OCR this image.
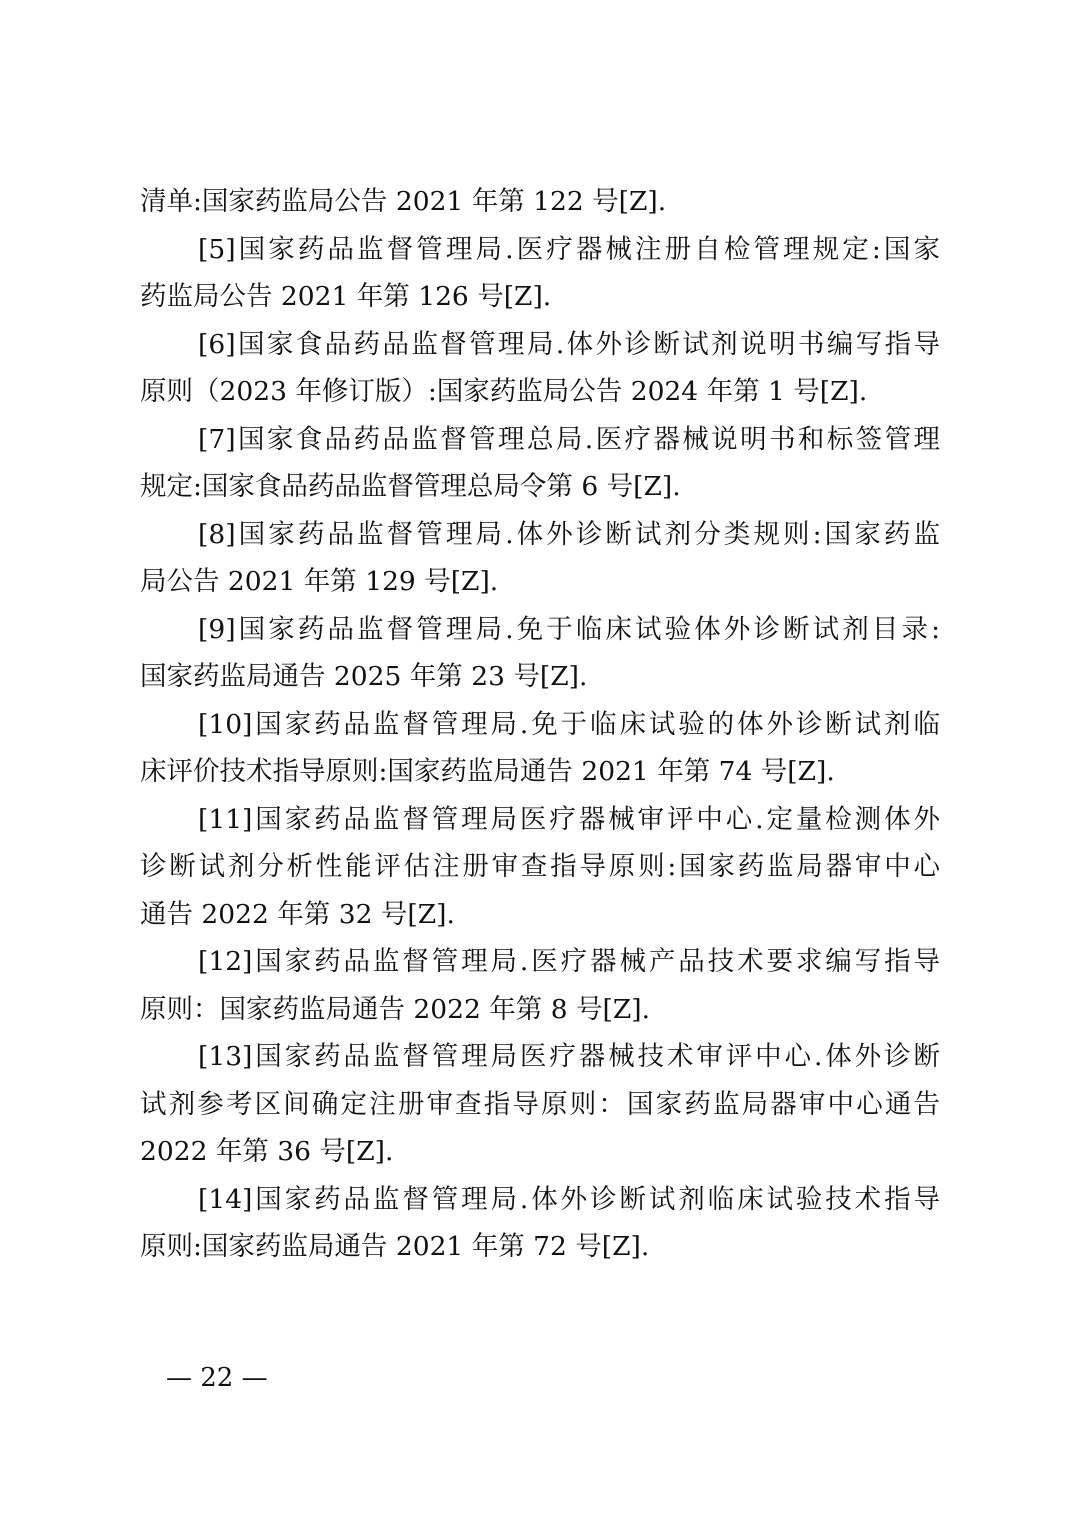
清单:国家药监局公告 2021 年第 122 号[Z].
[5]国家药品监督管理局.医疗器械注册自检管理规定:国家
药监局公告 2021 年第 126 号[Z].
[6]国家食品药品监督管理局.体外诊断试剂说明书编写指导
原则（2023 年修订版）:国家药监局公告 2024 年第 1 号[Z].
[7]国家食品药品监督管理总局.医疗器械说明书和标签管理
规定:国家食品药品监督管理总局令第 6 号[Z].
[8]国家药品监督管理局.体外诊断试剂分类规则:国家药监
局公告 2021 年第 129 号[Z].
[9]国家药品监督管理局.免于临床试验体外诊断试剂目录:
国家药监局通告 2025 年第 23 号[Z].
[10]国家药品监督管理局.免于临床试验的体外诊断试剂临
床评价技术指导原则:国家药监局通告 2021 年第 74 号[Z].
[11]国家药品监督管理局医疗器械审评中心.定量检测体外
诊断试剂分析性能评估注册审查指导原则:国家药监局器审中心
通告 2022 年第 32 号[Z].
[12]国家药品监督管理局.医疗器械产品技术要求编写指导
原则：国家药监局通告 2022 年第 8 号[Z].
[13]国家药品监督管理局医疗器械技术审评中心.体外诊断
试剂参考区间确定注册审查指导原则：国家药监局器审中心通告
2022 年第 36 号[Z].
[14]国家药品监督管理局.体外诊断试剂临床试验技术指导
原则:国家药监局通告 2021 年第 72 号[Z].
— 22 —
